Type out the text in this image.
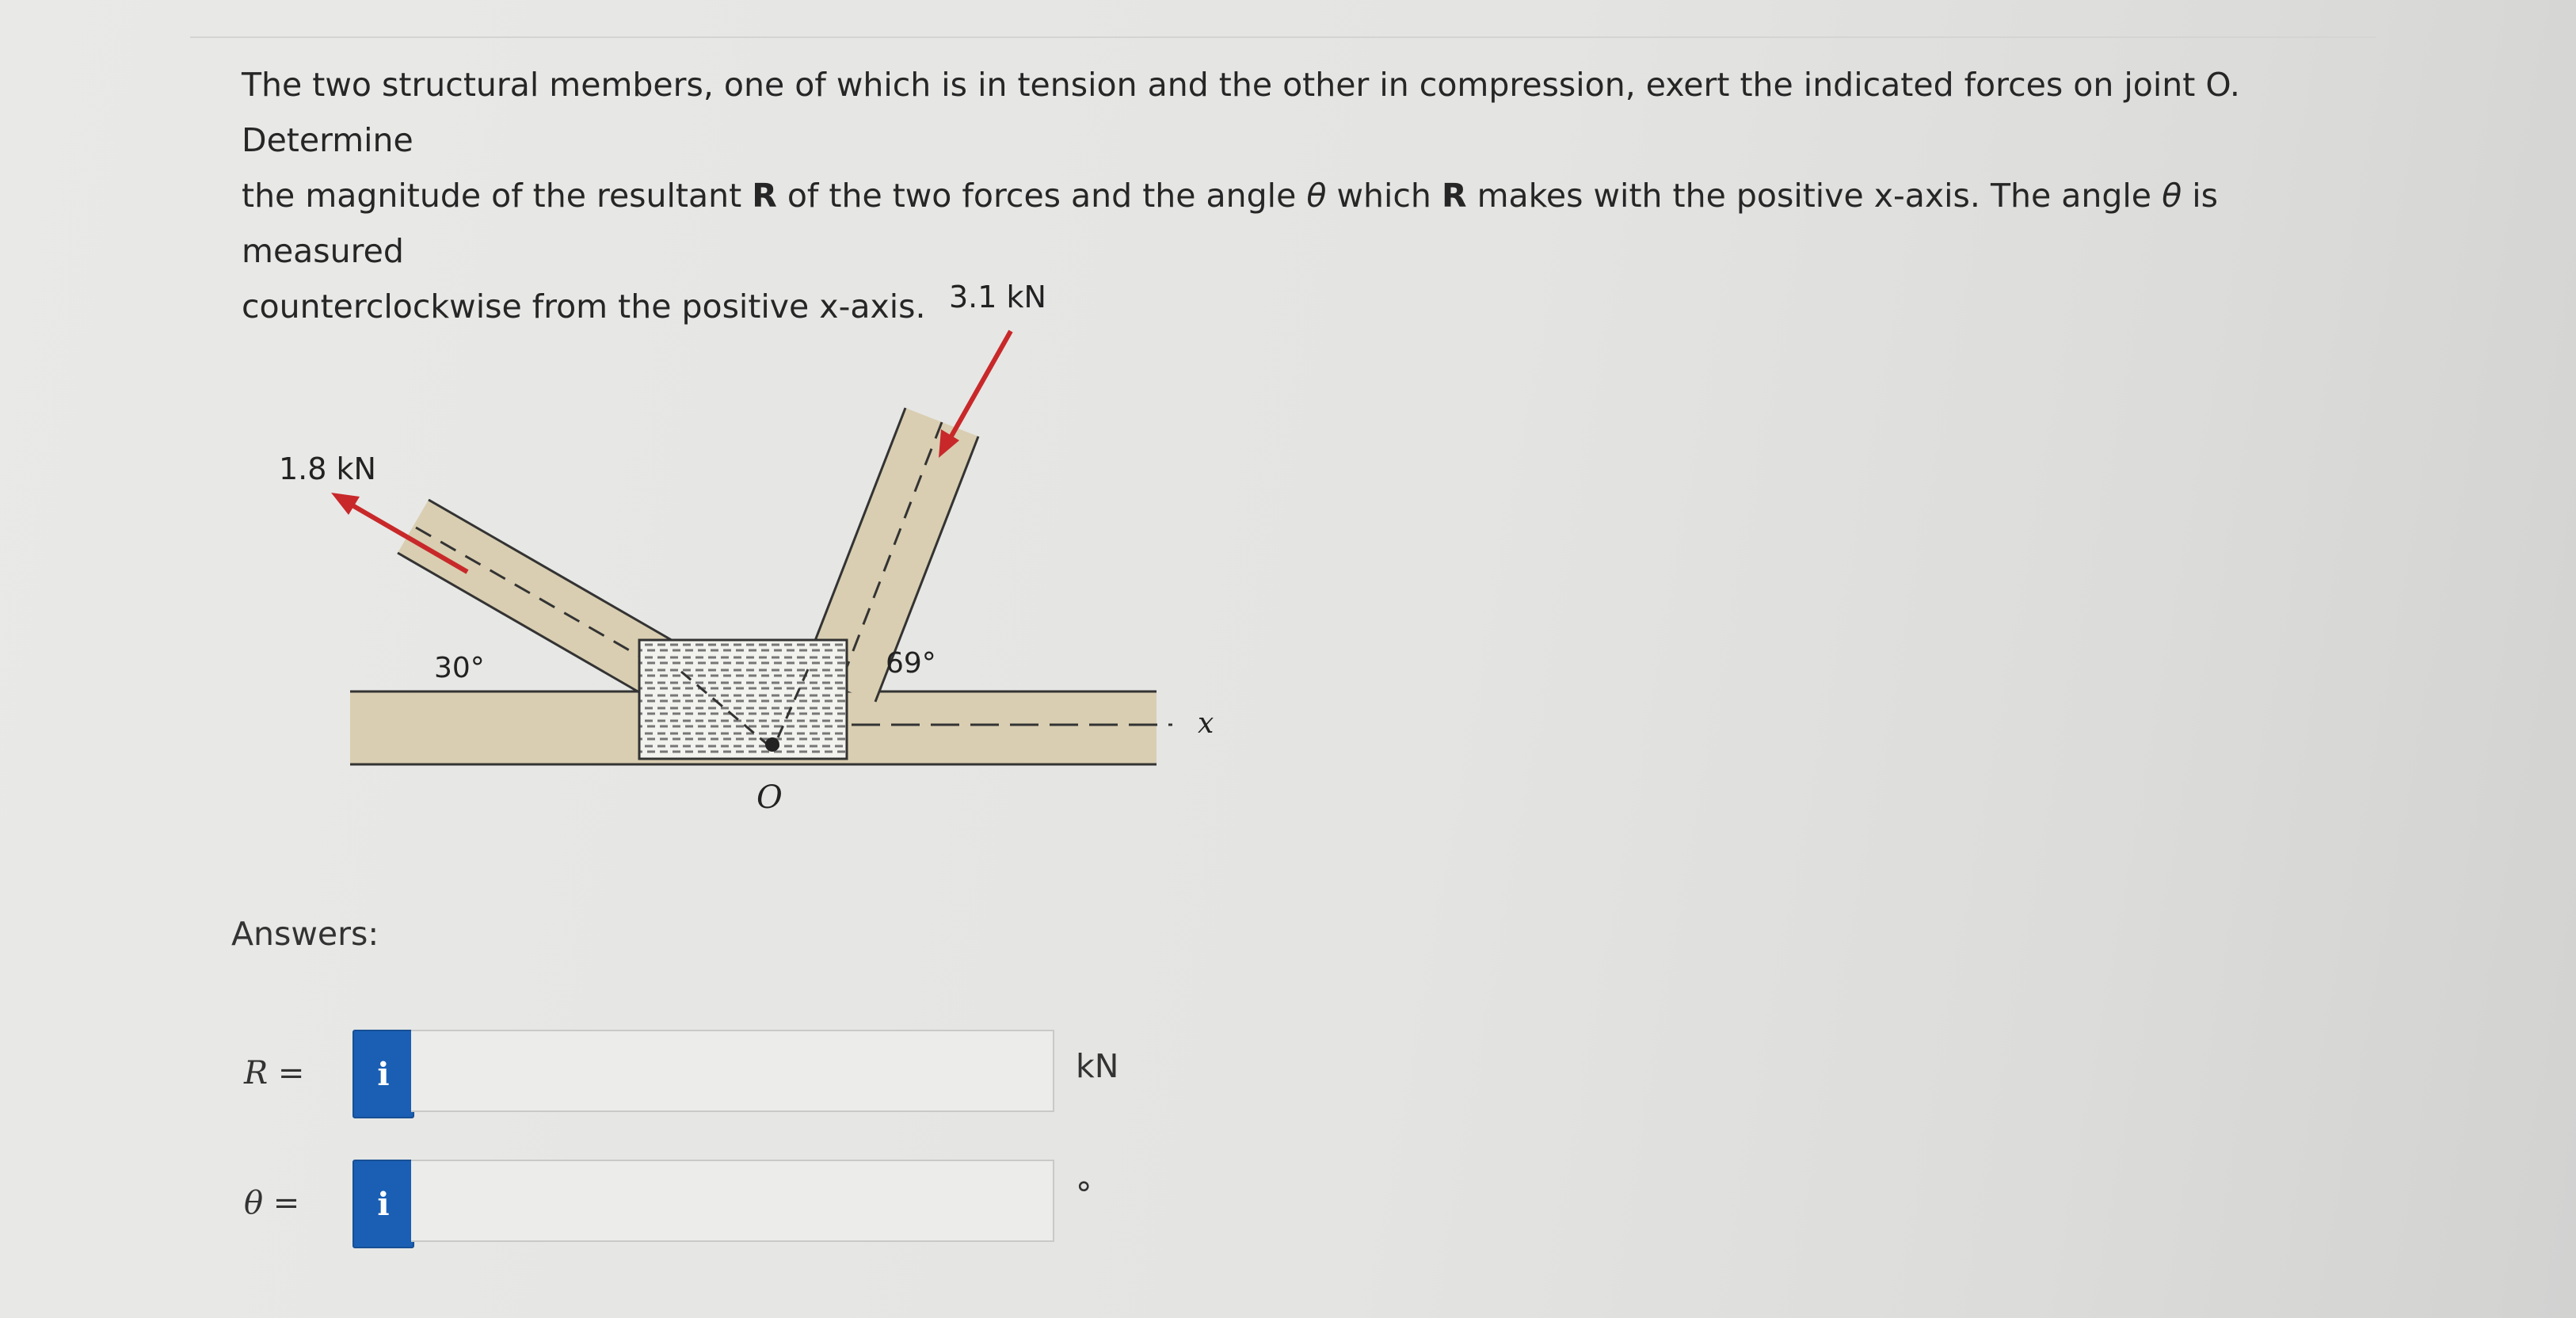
The two structural members, one of which is in tension and the other in compression, exert the indicated forces on joint O. Determine
the magnitude of the resultant R of the two forces and the angle θ which R makes with the positive x-axis. The angle θ is measured
counterclockwise from the positive x-axis.

1.8 kN
3.1 kN
30°	69°
O
x
Answers:
R = i	kN
θ = i	°
